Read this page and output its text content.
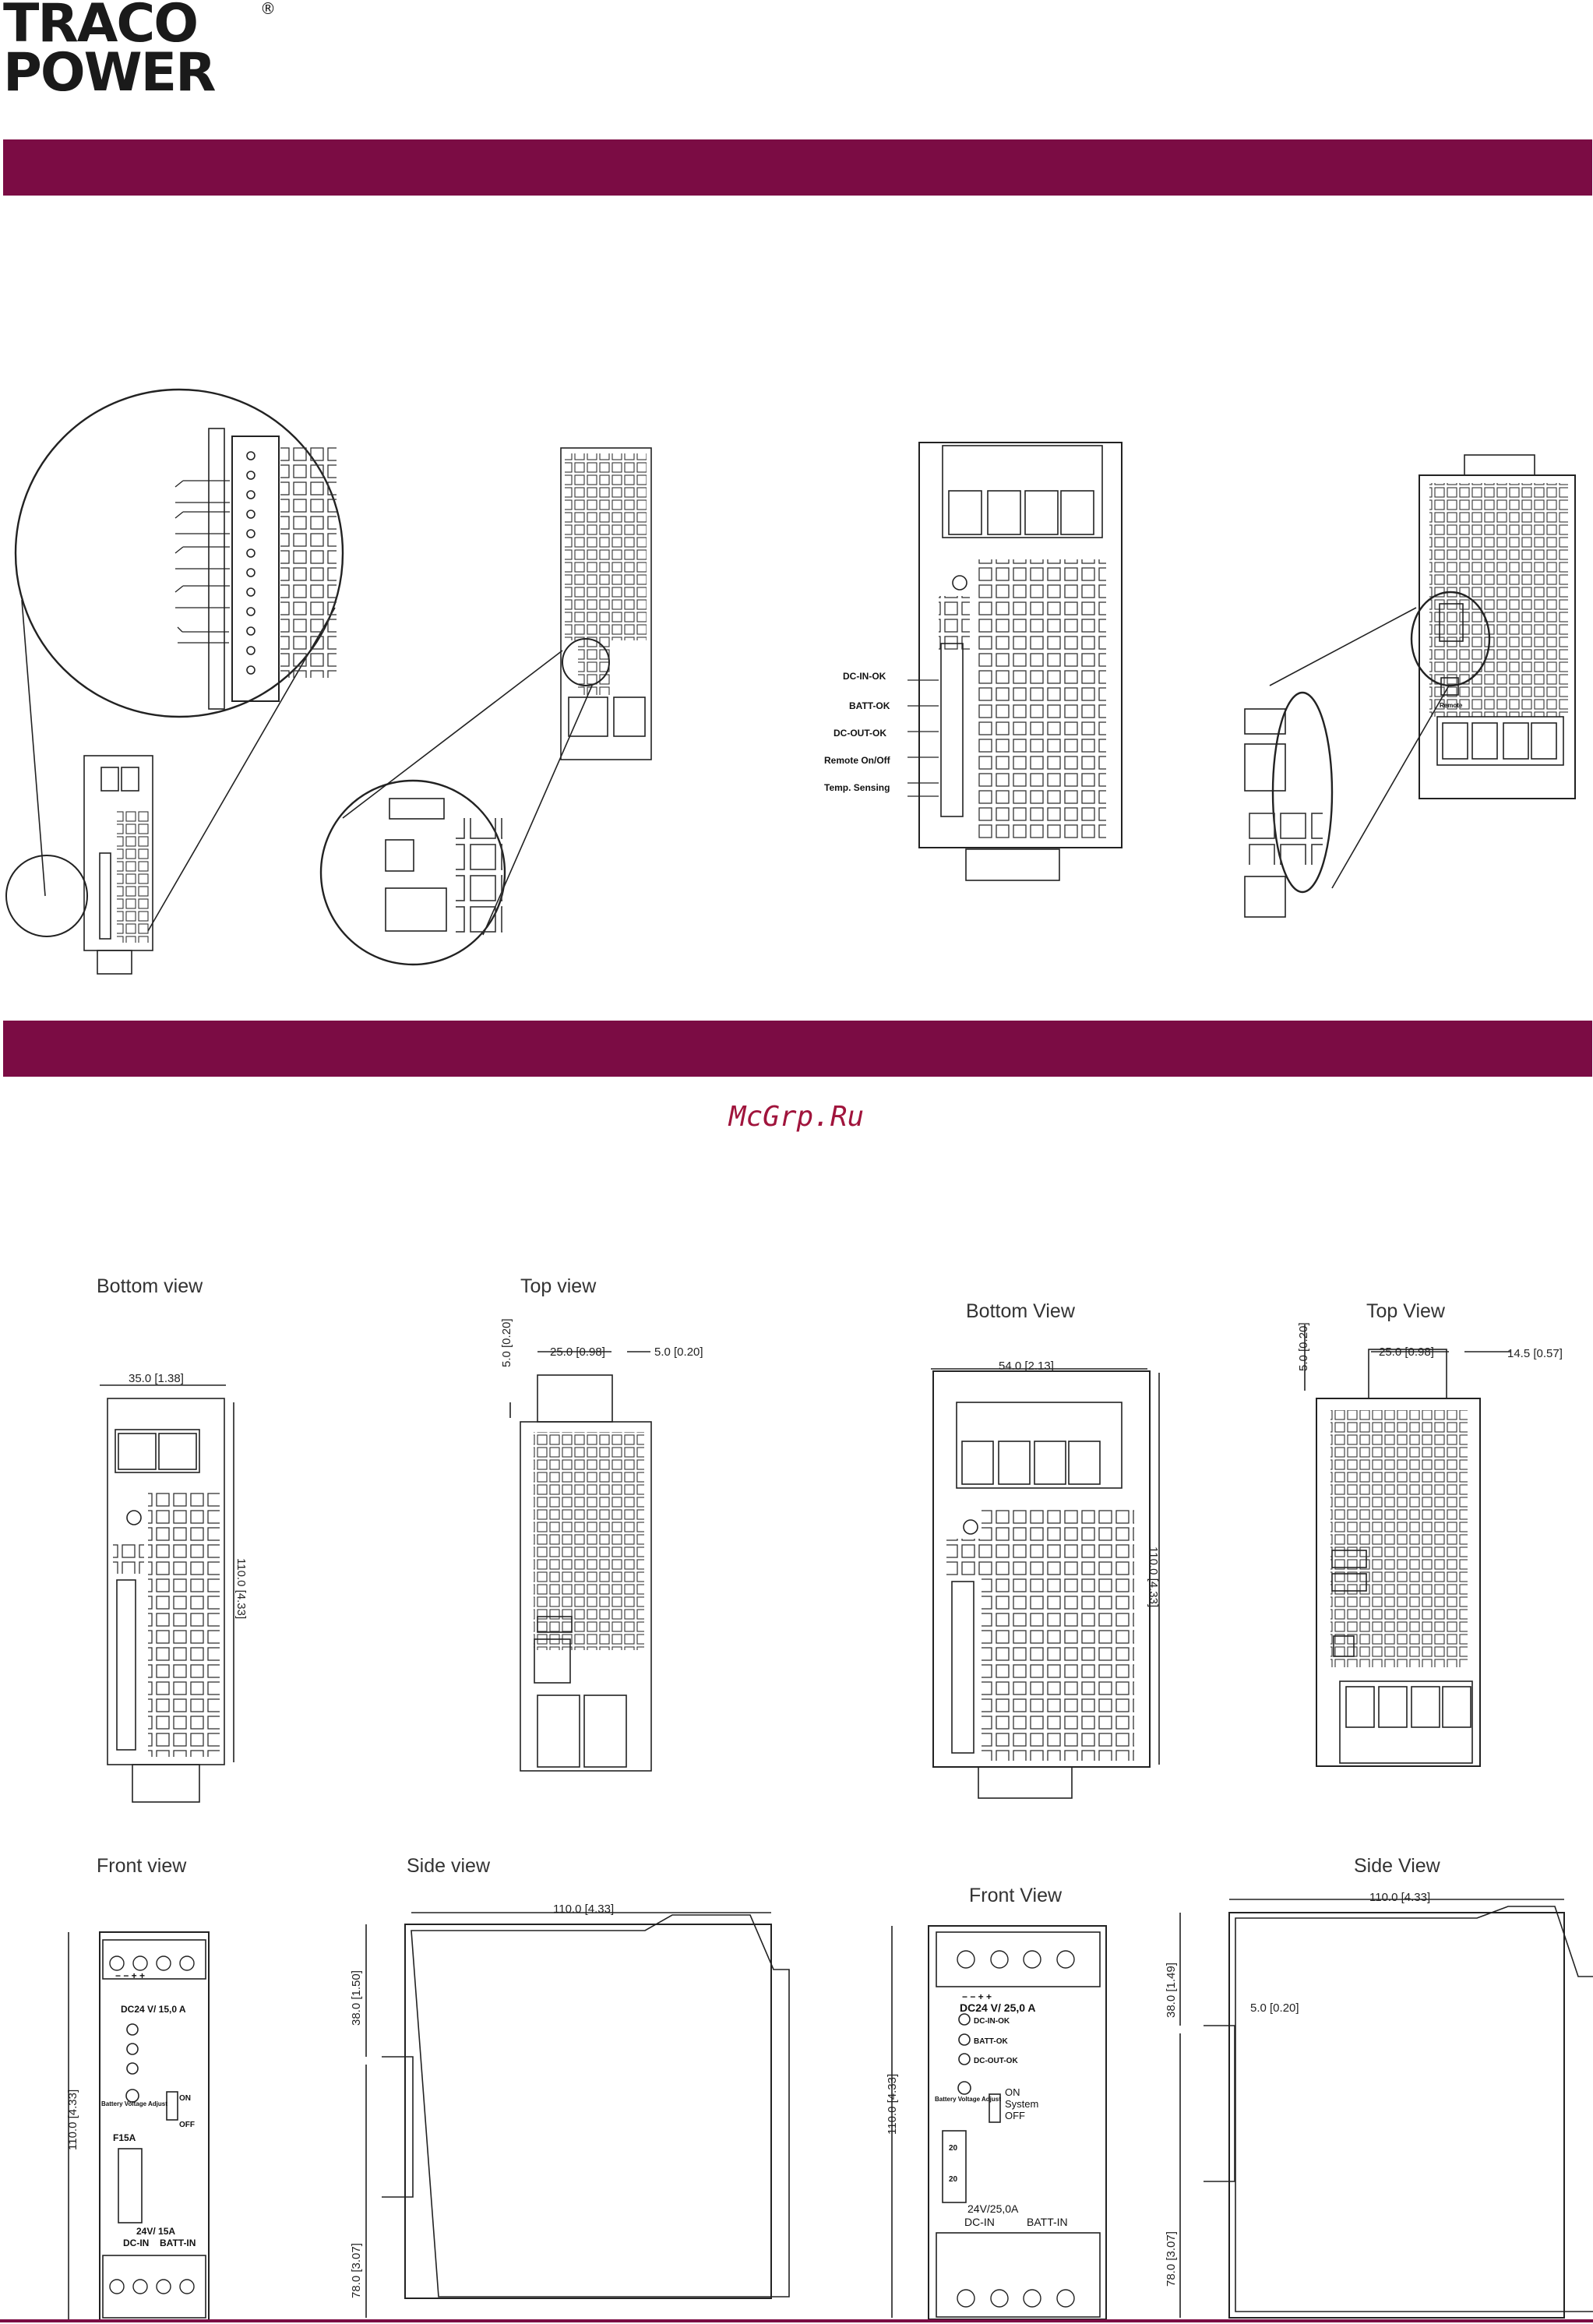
TRACO
POWER
®
McGrp.Ru
Bottom view	Top view
Bottom View	Top View
Front view	Side view
Front View
Side View
DC-IN-OK
BATT-OK
DC-OUT-OK
Remote On/Off
Temp. Sensing
Remote
35.0 [1.38]
110.0 [4.33]
25.0 [0.98]
5.0 [0.20]	5.0 [0.20]
54.0 [2.13]
110.0 [4.33]
25.0 [0.98]
5.0 [0.20]	14.5 [0.57]
110.0 [4.33]
110.0 [4.33]
38.0 [1.50]
78.0 [3.07]
110.0 [4.33]
110.0 [4.33]
38.0 [1.49]	5.0 [0.20]
78.0 [3.07]
− − + +
DC24 V/ 15,0 A
Battery Voltage Adjust
ON
OFF
F15A
24V/ 15A
DC-IN BATT-IN
− − + +
DC24 V/ 25,0 A
DC-IN-OK
BATT-OK
DC-OUT-OK
Battery Voltage Adjust
ON
System
OFF
20
20
24V/25,0A
DC-IN	BATT-IN
